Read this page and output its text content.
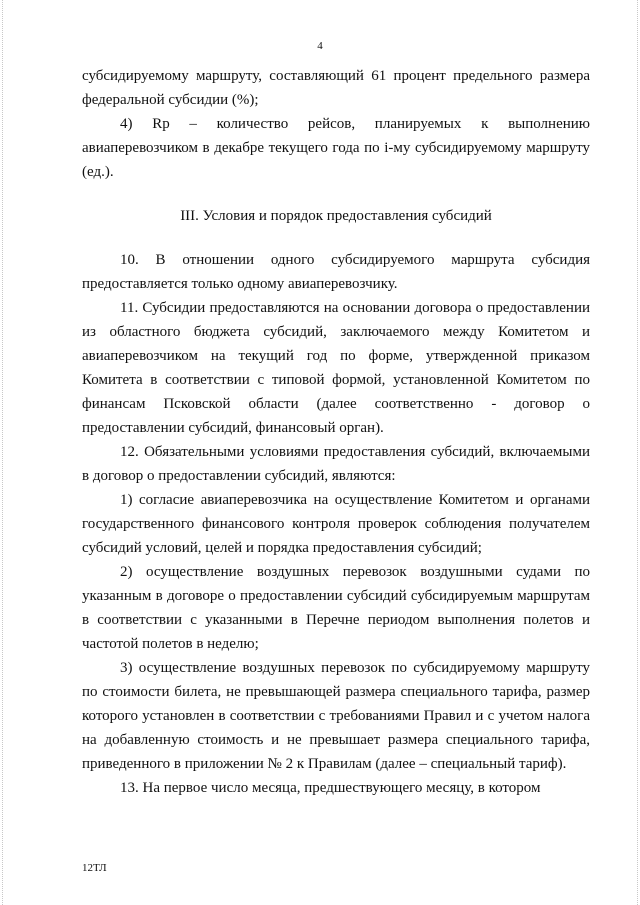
4

субсидируемому маршруту, составляющий 61 процент предельного размера федеральной субсидии (%);

4) Rp – количество рейсов, планируемых к выполнению авиаперевозчиком в декабре текущего года по i-му субсидируемому маршруту (ед.).

III. Условия и порядок предоставления субсидий

10. В отношении одного субсидируемого маршрута субсидия предоставляется только одному авиаперевозчику.

11. Субсидии предоставляются на основании договора о предоставлении из областного бюджета субсидий, заключаемого между Комитетом и авиаперевозчиком на текущий год по форме, утвержденной приказом Комитета в соответствии с типовой формой, установленной Комитетом по финансам Псковской области (далее соответственно - договор о предоставлении субсидий, финансовый орган).

12. Обязательными условиями предоставления субсидий, включаемыми в договор о предоставлении субсидий, являются:

1) согласие авиаперевозчика на осуществление Комитетом и органами государственного финансового контроля проверок соблюдения получателем субсидий условий, целей и порядка предоставления субсидий;

2) осуществление воздушных перевозок воздушными судами по указанным в договоре о предоставлении субсидий субсидируемым маршрутам в соответствии с указанными в Перечне периодом выполнения полетов и частотой полетов в неделю;

3) осуществление воздушных перевозок по субсидируемому маршруту по стоимости билета, не превышающей размера специального тарифа, размер которого установлен в соответствии с требованиями Правил и с учетом налога на добавленную стоимость и не превышает размера специального тарифа, приведенного в приложении № 2 к Правилам (далее – специальный тариф).

13. На первое число месяца, предшествующего месяцу, в котором

12ТЛ
